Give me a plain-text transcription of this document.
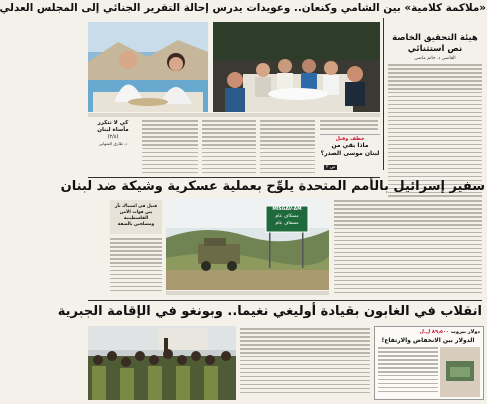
«ملاكمة كلامية» بين الشامي وكنعان.. وعويدات يدرس إحالة التقرير الجنائي إلى المجلس العدلي
هيئة التحقيق الخاصة
نص استثنائي
القاضي د. حاتم ماضي
خطف وقتل
ماذا بقي من
لبنان موسى الصدر؟
ص ٢
كي لا تتكرر
مأساة لبنان
(٢/٤)
د. طارق الشهابي
سفير إسرائيل بالأمم المتحدة يلوِّح بعملية عسكرية وشيكة ضد لبنان
قتيل في اشتباك ثأر
بين قوات الأمن الفلسطينية
ومسلحين بالضفة
MISGAV-AM
مسكاف عام
مسقاف عام
انقلاب في الغابون بقيادة أوليغي نغيما.. وبونغو في الإقامة الجبرية
دولار بيروت ٨٩٫٥٠٠ ل.ل
الدولار بين الانخفاض والارتفاع!
